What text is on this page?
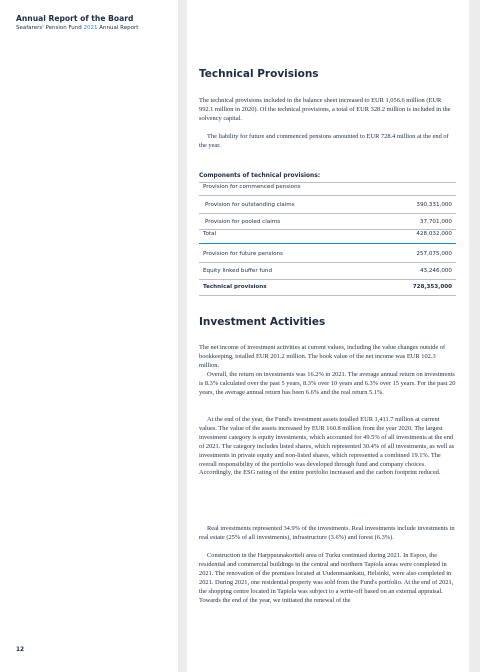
Annual Report of the Board
Seafarers' Pension Fund 2021 Annual Report
12
Technical Provisions
The technical provisions included in the balance sheet increased to EUR 1,056.6 million (EUR 992.1 million in 2020). Of the technical provisions, a total of EUR 328.2 million is included in the solvency capital.
The liability for future and commenced pensions amounted to EUR 728.4 million at the end of the year.
Components of technical provisions:
Provision for commenced pensions
Provision for outstanding claims	390,331,000
Provision for pooled claims	37,701,000
Total	428,032,000
Provision for future pensions	257,075,000
Equity linked buffer fund	43,246,000
Technical provisions	728,353,000
Investment Activities
The net income of investment activities at current values, including the value changes outside of bookkeeping, totalled EUR 201.2 million. The book value of the net income was EUR 102.3 million.
Overall, the return on investments was 16.2% in 2021. The average annual return on investments is 8.3% calculated over the past 5 years, 8.3% over 10 years and 6.3% over 15 years. For the past 20 years, the average annual return has been 6.6% and the real return 5.1%.
At the end of the year, the Fund's investment assets totalled EUR 1,411.7 million at current values. The value of the assets increased by EUR 160.8 million from the year 2020. The largest investment category is equity investments, which accounted for 49.5% of all investments at the end of 2021. The category includes listed shares, which represented 30.4% of all investments, as well as investments in private equity and non-listed shares, which represented a combined 19.1%. The overall responsibility of the portfolio was developed through fund and company choices. Accordingly, the ESG rating of the entire portfolio increased and the carbon footprint reduced.
Real investments represented 34.9% of the investments. Real investments include investments in real estate (25% of all investments), infrastructure (3.6%) and forest (6.3%).
Construction in the Harppuunakortteli area of Turku continued during 2021. In Espoo, the residential and commercial buildings in the central and northern Tapiola areas were completed in 2021. The renovation of the premises located at Uudenmaankatu, Helsinki, were also completed in 2021. During 2021, one residential property was sold from the Fund's portfolio. At the end of 2021, the shopping centre located in Tapiola was subject to a write-off based on an external appraisal. Towards the end of the year, we initiated the renewal of the
